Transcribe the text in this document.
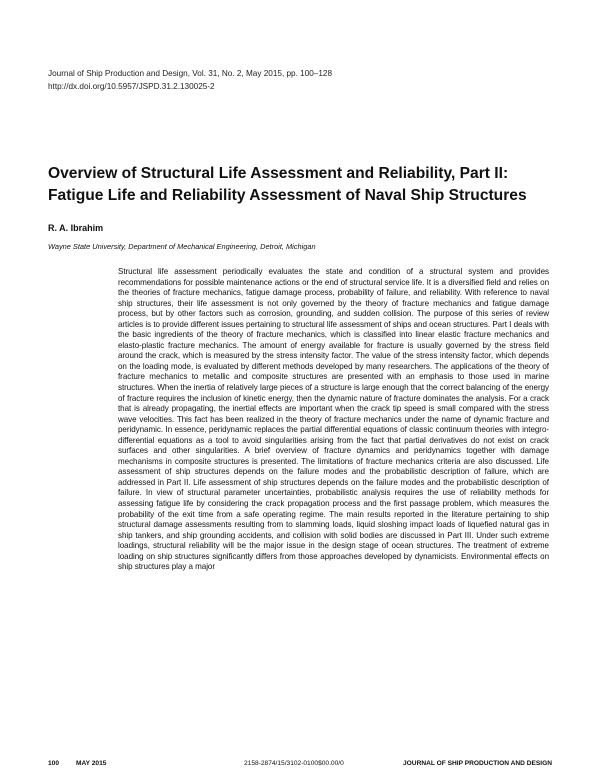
Journal of Ship Production and Design, Vol. 31, No. 2, May 2015, pp. 100–128
http://dx.doi.org/10.5957/JSPD.31.2.130025-2
Overview of Structural Life Assessment and Reliability, Part II:
Fatigue Life and Reliability Assessment of Naval Ship Structures
R. A. Ibrahim
Wayne State University, Department of Mechanical Engineering, Detroit, Michigan

Structural life assessment periodically evaluates the state and condition of a structural system and provides recommendations for possible maintenance actions or the end of structural service life. It is a diversified field and relies on the theories of fracture mechanics, fatigue damage process, probability of failure, and reliability. With reference to naval ship structures, their life assessment is not only governed by the theory of fracture mechanics and fatigue damage process, but by other factors such as corrosion, grounding, and sudden collision. The purpose of this series of review articles is to provide different issues pertaining to structural life assessment of ships and ocean structures. Part I deals with the basic ingredients of the theory of fracture mechanics, which is classified into linear elastic fracture mechanics and elasto-plastic fracture mechanics. The amount of energy available for fracture is usually governed by the stress field around the crack, which is measured by the stress intensity factor. The value of the stress intensity factor, which depends on the loading mode, is evaluated by different methods developed by many researchers. The applications of the theory of fracture mechanics to metallic and composite structures are presented with an emphasis to those used in marine structures. When the inertia of relatively large pieces of a structure is large enough that the correct balancing of the energy of fracture requires the inclusion of kinetic energy, then the dynamic nature of fracture dominates the analysis. For a crack that is already propagating, the inertial effects are important when the crack tip speed is small compared with the stress wave velocities. This fact has been realized in the theory of fracture mechanics under the name of dynamic fracture and peridynamic. In essence, peridynamic replaces the partial differential equations of classic continuum theories with integro-differential equations as a tool to avoid singularities arising from the fact that partial derivatives do not exist on crack surfaces and other singularities. A brief overview of fracture dynamics and peridynamics together with damage mechanisms in composite structures is presented. The limitations of fracture mechanics criteria are also discussed. Life assessment of ship structures depends on the failure modes and the probabilistic description of failure, which are addressed in Part II. Life assessment of ship structures depends on the failure modes and the probabilistic description of failure. In view of structural parameter uncertainties, probabilistic analysis requires the use of reliability methods for assessing fatigue life by considering the crack propagation process and the first passage problem, which measures the probability of the exit time from a safe operating regime. The main results reported in the literature pertaining to ship structural damage assessments resulting from to slamming loads, liquid sloshing impact loads of liquefied natural gas in ship tankers, and ship grounding accidents, and collision with solid bodies are discussed in Part III. Under such extreme loadings, structural reliability will be the major issue in the design stage of ocean structures. The treatment of extreme loading on ship structures significantly differs from those approaches developed by dynamicists. Environmental effects on ship structures play a major

100	MAY 2015	2158-2874/15/3102-0100$00.00/0	JOURNAL OF SHIP PRODUCTION AND DESIGN
